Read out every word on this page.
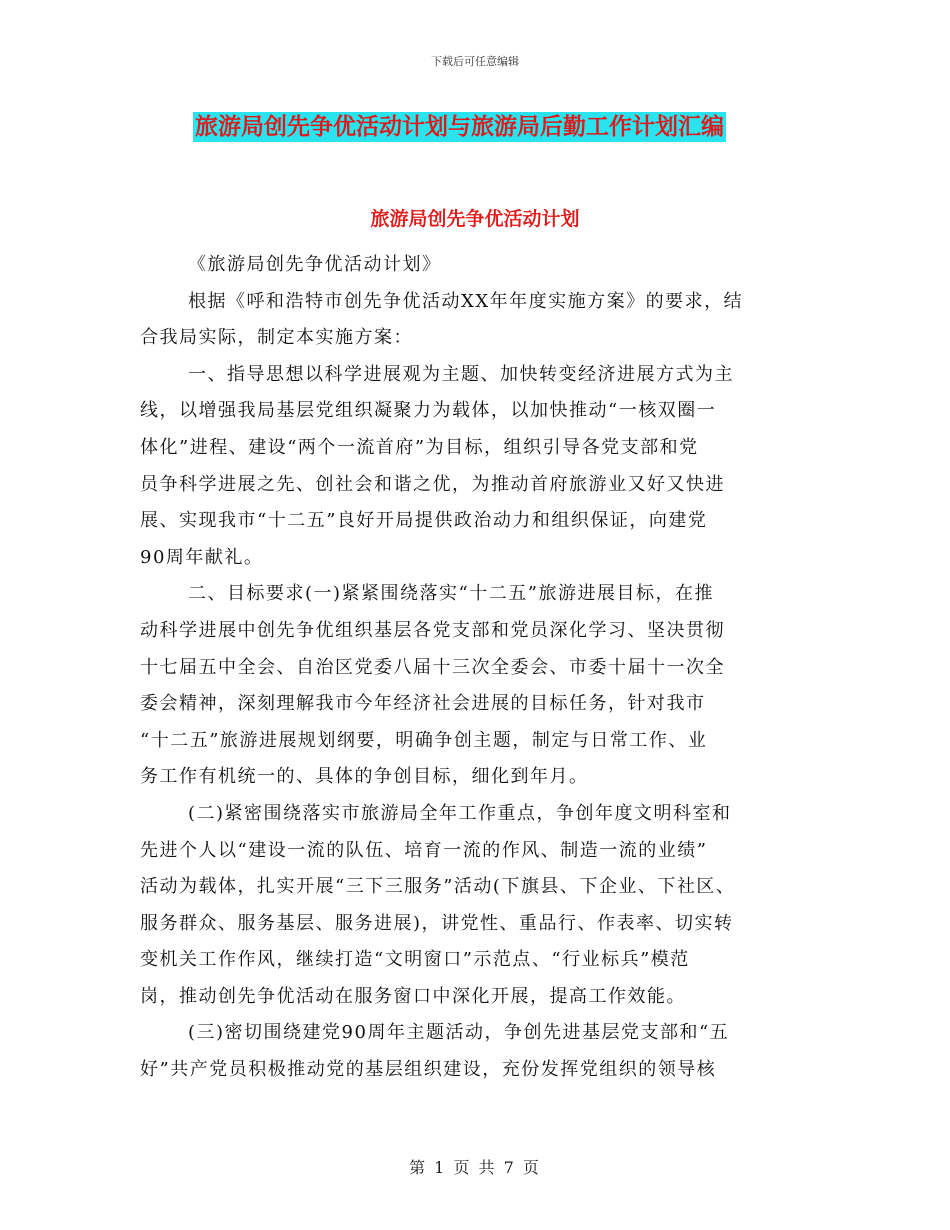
下载后可任意编辑
旅游局创先争优活动计划与旅游局后勤工作计划汇编
旅游局创先争优活动计划
《旅游局创先争优活动计划》
根据《呼和浩特市创先争优活动XX年年度实施方案》的要求，结
合我局实际，制定本实施方案：
一、指导思想以科学进展观为主题、加快转变经济进展方式为主
线，以增强我局基层党组织凝聚力为载体，以加快推动“一核双圈一
体化”进程、建设“两个一流首府”为目标，组织引导各党支部和党
员争科学进展之先、创社会和谐之优，为推动首府旅游业又好又快进
展、实现我市“十二五”良好开局提供政治动力和组织保证，向建党
90周年献礼。
二、目标要求(一)紧紧围绕落实“十二五”旅游进展目标，在推
动科学进展中创先争优组织基层各党支部和党员深化学习、坚决贯彻
十七届五中全会、自治区党委八届十三次全委会、市委十届十一次全
委会精神，深刻理解我市今年经济社会进展的目标任务，针对我市
“十二五”旅游进展规划纲要，明确争创主题，制定与日常工作、业
务工作有机统一的、具体的争创目标，细化到年月。
(二)紧密围绕落实市旅游局全年工作重点，争创年度文明科室和
先进个人以“建设一流的队伍、培育一流的作风、制造一流的业绩”
活动为载体，扎实开展“三下三服务”活动(下旗县、下企业、下社区、
服务群众、服务基层、服务进展)，讲党性、重品行、作表率、切实转
变机关工作作风，继续打造“文明窗口”示范点、“行业标兵”模范
岗，推动创先争优活动在服务窗口中深化开展，提高工作效能。
(三)密切围绕建党90周年主题活动，争创先进基层党支部和“五
好”共产党员积极推动党的基层组织建设，充份发挥党组织的领导核
第 1 页 共 7 页
